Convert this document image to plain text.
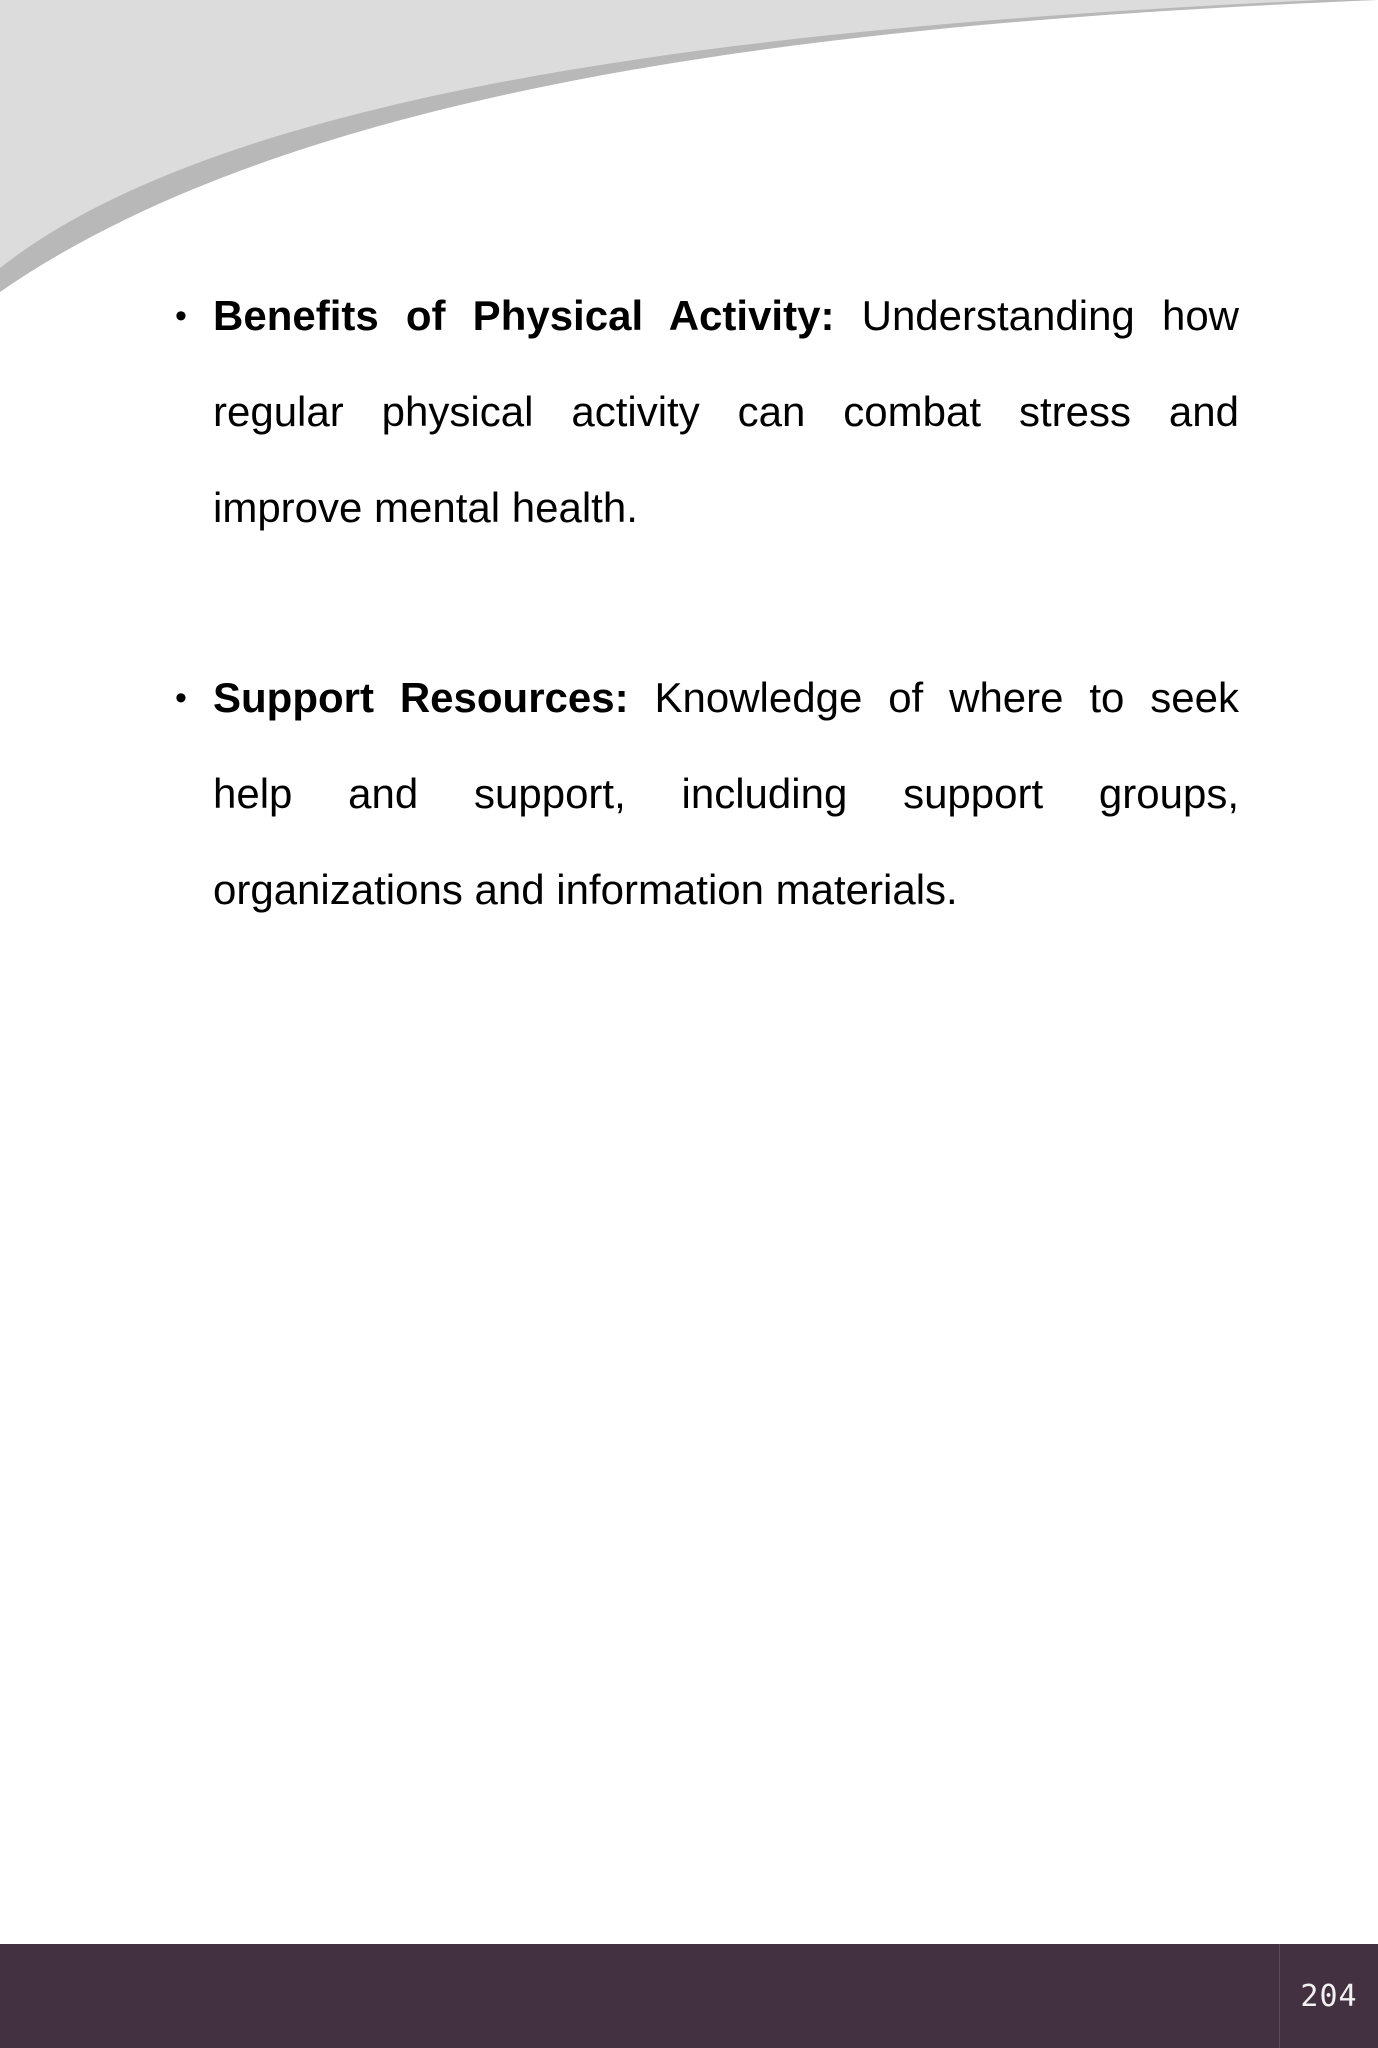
• Benefits of Physical Activity: Understanding how regular physical activity can combat stress and improve mental health.

• Support Resources: Knowledge of where to seek help and support, including support groups, organizations and information materials.

204
